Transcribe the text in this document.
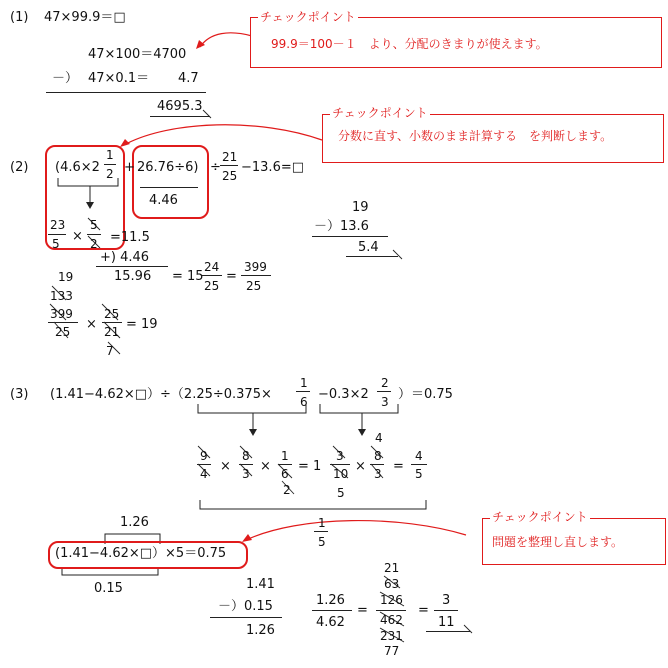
(1) 47×99.9＝□
47×100＝4700
－） 47×0.1＝ 4.7
4695.3
チェックポイント
99.9＝100－１　より、分配のきまりが使えます。
チェックポイント
分数に直す、小数のまま計算する　を判断します。
(2) (4.6×2
1
2 + 26.76÷6) ÷
21
25
−13.6=□
4.46
23
5 ×
5
2 =11.5
+) 4.46
15.96 = 15
24
25
=
399
25
19
133
399
25 ×
25
21 = 19
7
19
－）13.6
5.4
(3) (1.41−4.62×□）÷（2.25÷0.375×
1
6 −0.3×2
2
3 ）＝0.75
9
4 ×
8
3 ×
1
6 = 1
2
3
10 ×
4
8
3 =
4
5
5
1
5
1.26
(1.41−4.62×□）×5＝0.75
0.15
チェックポイント
問題を整理し直します。
1.41
－）0.15
1.26
1.26
4.62
=
21
63
126
462
231
77
=
3
11
